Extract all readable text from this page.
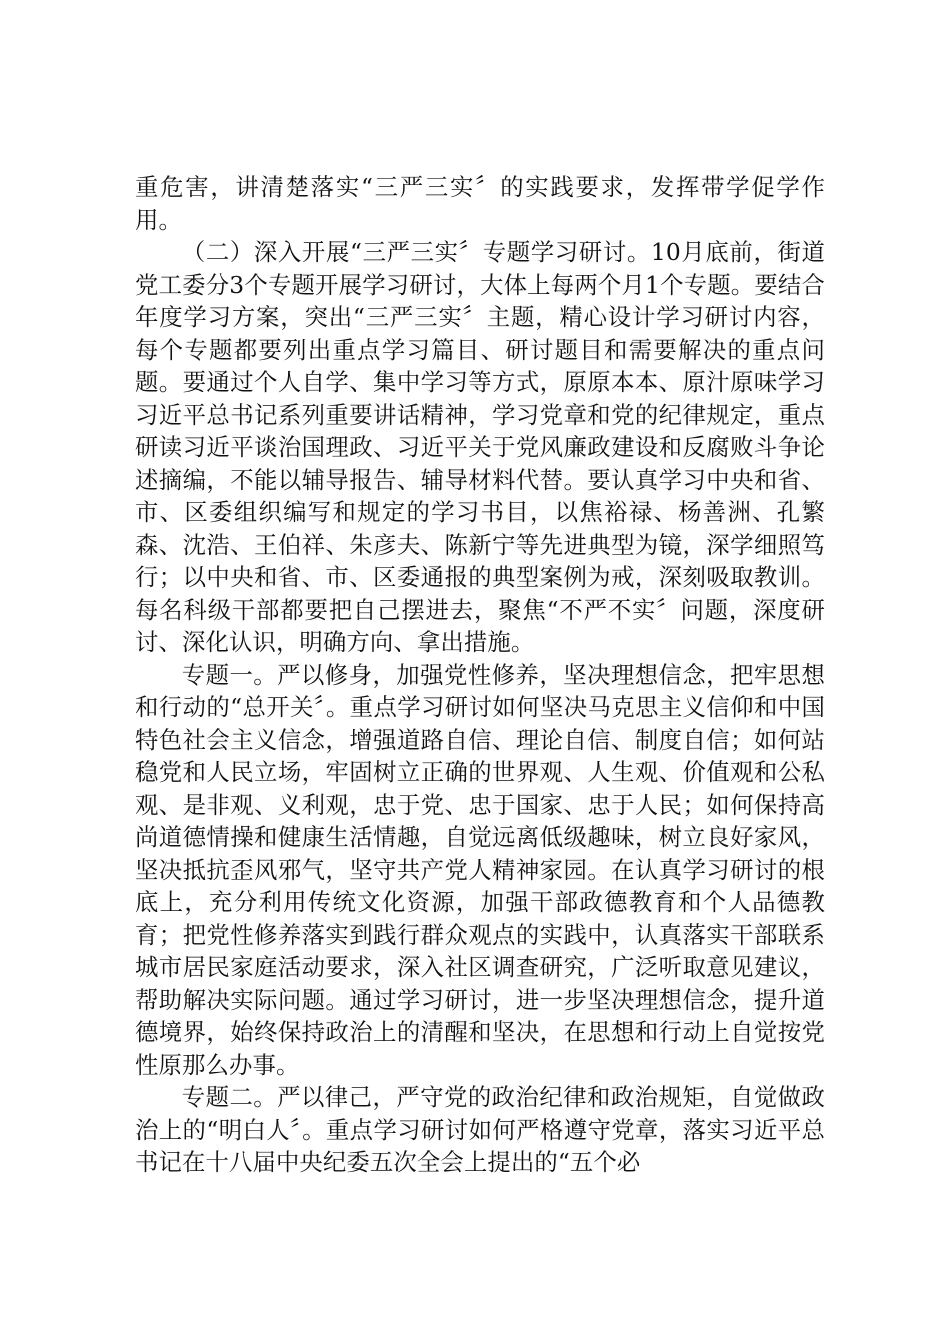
重危害，讲清楚落实“三严三实〞的实践要求，发挥带学促学作用。

（二）深入开展“三严三实〞专题学习研讨。10月底前，街道党工委分3个专题开展学习研讨，大体上每两个月1个专题。要结合年度学习方案，突出“三严三实〞主题，精心设计学习研讨内容，每个专题都要列出重点学习篇目、研讨题目和需要解决的重点问题。要通过个人自学、集中学习等方式，原原本本、原汁原味学习习近平总书记系列重要讲话精神，学习党章和党的纪律规定，重点研读习近平谈治国理政、习近平关于党风廉政建设和反腐败斗争论述摘编，不能以辅导报告、辅导材料代替。要认真学习中央和省、市、区委组织编写和规定的学习书目，以焦裕禄、杨善洲、孔繁森、沈浩、王伯祥、朱彦夫、陈新宁等先进典型为镜，深学细照笃行；以中央和省、市、区委通报的典型案例为戒，深刻吸取教训。每名科级干部都要把自己摆进去，聚焦“不严不实〞问题，深度研讨、深化认识，明确方向、拿出措施。

专题一。严以修身，加强党性修养，坚决理想信念，把牢思想和行动的“总开关〞。重点学习研讨如何坚决马克思主义信仰和中国特色社会主义信念，增强道路自信、理论自信、制度自信；如何站稳党和人民立场，牢固树立正确的世界观、人生观、价值观和公私观、是非观、义利观，忠于党、忠于国家、忠于人民；如何保持高尚道德情操和健康生活情趣，自觉远离低级趣味，树立良好家风，坚决抵抗歪风邪气，坚守共产党人精神家园。在认真学习研讨的根底上，充分利用传统文化资源，加强干部政德教育和个人品德教育；把党性修养落实到践行群众观点的实践中，认真落实干部联系城市居民家庭活动要求，深入社区调查研究，广泛听取意见建议，帮助解决实际问题。通过学习研讨，进一步坚决理想信念，提升道德境界，始终保持政治上的清醒和坚决，在思想和行动上自觉按党性原那么办事。

专题二。严以律己，严守党的政治纪律和政治规矩，自觉做政治上的“明白人〞。重点学习研讨如何严格遵守党章，落实习近平总书记在十八届中央纪委五次全会上提出的“五个必
